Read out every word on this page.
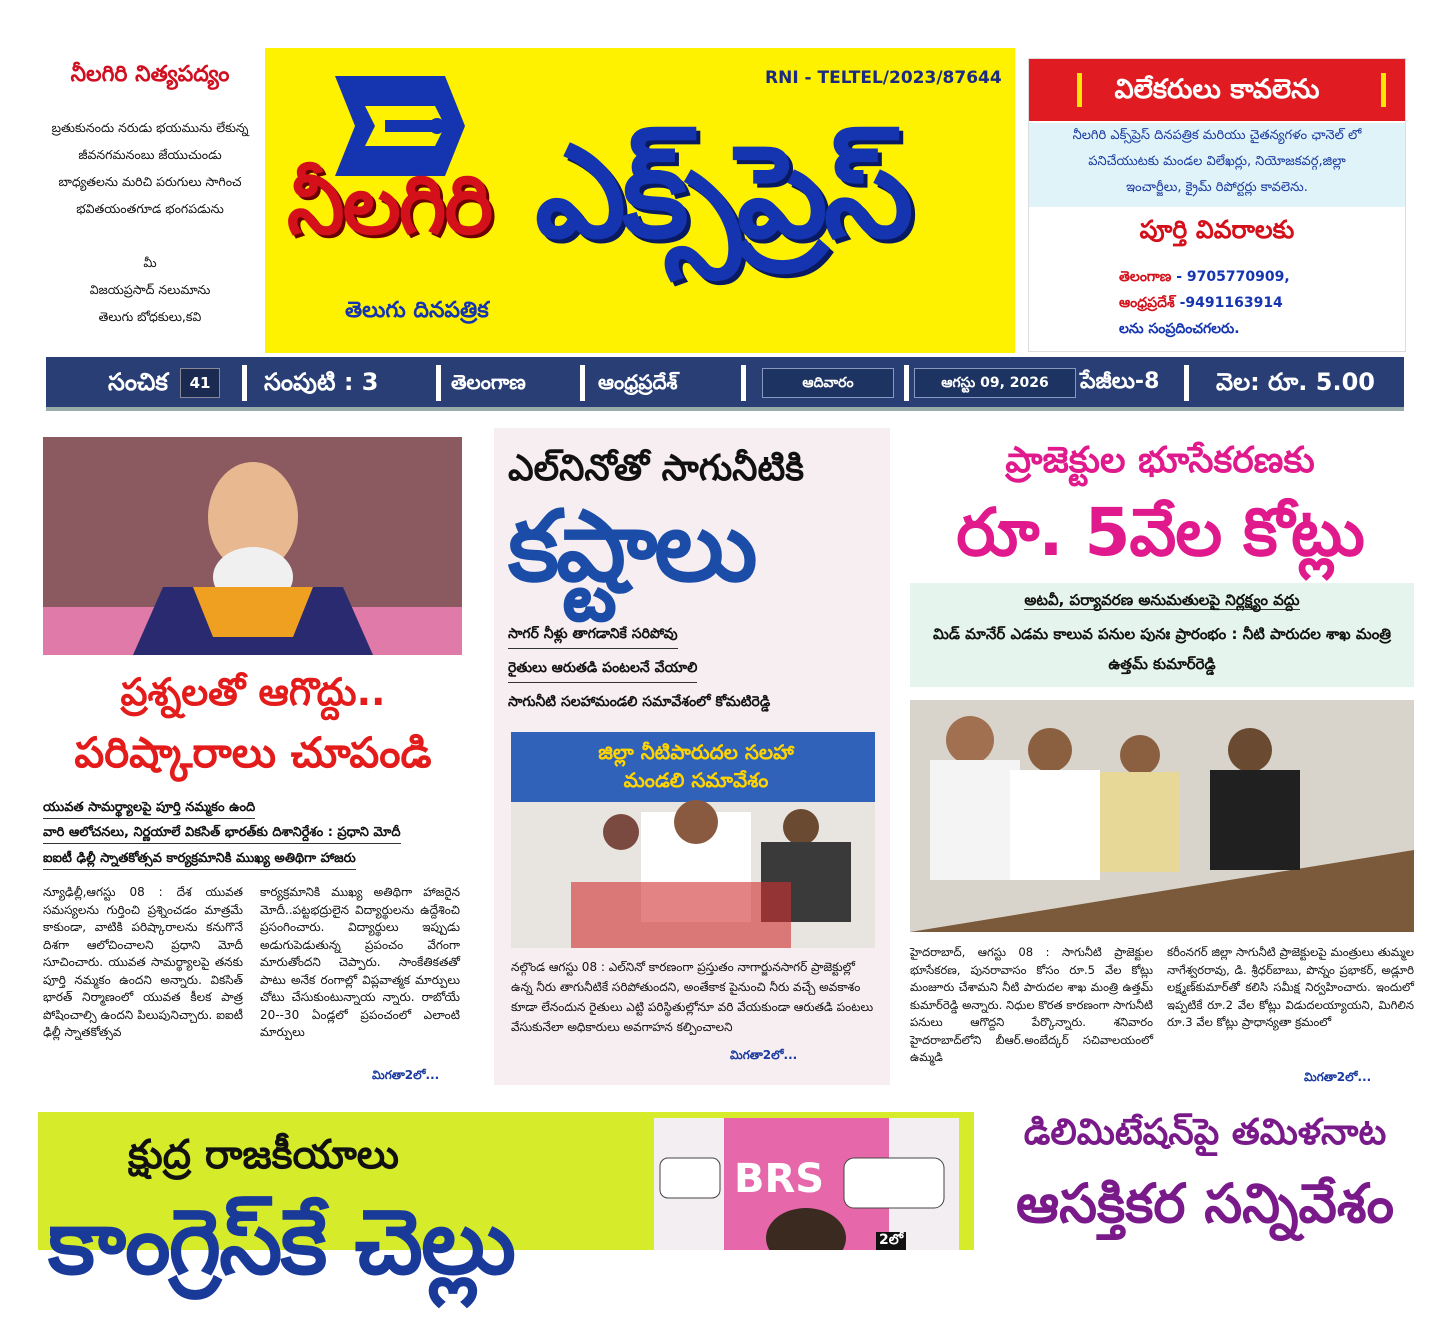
నీలగిరి నిత్యపద్యం
బ్రతుకునందు నరుడు భయమును లేకున్న
జీవనగమనంబు జేయుచుండు
బాధ్యతలను మరిచి పరుగులు సాగించ
భవితయంతగూడ భంగపడును

మీ
విజయప్రసాద్ నలుమాను
తెలుగు బోధకులు,కవి
RNI - TELTEL/2023/87644
నీలగిరి ఎక్స్‌ప్రెస్
తెలుగు దినపత్రిక
విలేకరులు కావలెను
నీలగిరి ఎక్స్‌ప్రెస్ దినపత్రిక మరియు చైతన్యగళం ఛానెల్ లో
పనిచేయుటకు మండల విలేఖర్లు, నియోజకవర్గ,జిల్లా
ఇంచార్జీలు, క్రైమ్ రిపోర్టర్లు కావలెను.
పూర్తి వివరాలకు
తెలంగాణ - 9705770909,
ఆంధ్రప్రదేశ్ -9491163914
లను సంప్రదించగలరు.
సంచిక	41	సంపుటి : 3	తెలంగాణ	ఆంధ్రప్రదేశ్	ఆదివారం	ఆగస్టు 09, 2026	పేజీలు-8 వెల: రూ. 5.00
ప్రశ్నలతో ఆగొద్దు..
పరిష్కారాలు చూపండి
యువత సామర్థ్యాలపై పూర్తి నమ్మకం ఉంది
వారి ఆలోచనలు, నిర్ణయాలే వికసిత్ భారత్‌కు దిశానిర్దేశం : ప్రధాని మోదీ
ఐఐటీ ఢిల్లీ స్నాతకోత్సవ కార్యక్రమానికి ముఖ్య అతిథిగా హాజరు
న్యూఢిల్లీ,ఆగస్టు 08 : దేశ యువత సమస్యలను గుర్తించి ప్రశ్నించడం మాత్రమే కాకుండా, వాటికి పరిష్కారాలను కనుగొనే దిశగా ఆలోచించాలని ప్రధాని మోదీ సూచించారు. యువత సామర్థ్యాలపై తనకు పూర్తి నమ్మకం ఉందని అన్నారు. వికసిత్ భారత్ నిర్మాణంలో యువత కీలక పాత్ర పోషించాల్సి ఉందని పిలుపునిచ్చారు. ఐఐటీ ఢిల్లీ స్నాతకోత్సవ
కార్యక్రమానికి ముఖ్య అతిథిగా హాజరైన మోదీ..పట్టభద్రులైన విద్యార్థులను ఉద్దేశించి ప్రసంగించారు. విద్యార్థులు ఇప్పుడు అడుగుపెడుతున్న ప్రపంచం వేగంగా మారుతోందని చెప్పారు. సాంకేతికతతో పాటు అనేక రంగాల్లో విప్లవాత్మక మార్పులు చోటు చేసుకుంటున్నాయ న్నారు. రాబోయే 20--30 ఏండ్లలో ప్రపంచంలో ఎలాంటి మార్పులు
మిగతా2లో...
ఎల్‌నినోతో సాగునీటికి
కష్టాలు
సాగర్ నీళ్లు తాగడానికే సరిపోవు
రైతులు ఆరుతడి పంటలనే వేయాలి
సాగునీటి సలహామండలి సమావేశంలో కోమటిరెడ్డి
జిల్లా నీటిపారుదల సలహా మండలి సమావేశం
నల్గొండ ఆగస్టు 08 : ఎల్‌నినో కారణంగా ప్రస్తుతం నాగార్జునసాగర్ ప్రాజెక్టుల్లో ఉన్న నీరు తాగునీటికే సరిపోతుందని, అంతేకాక పైనుంచి నీరు వచ్చే అవకాశం కూడా లేనందున రైతులు ఎట్టి పరిస్థితుల్లోనూ వరి వేయకుండా ఆరుతడి పంటలు వేసుకునేలా అధికారులు అవగాహన కల్పించాలని
మిగతా2లో...
ప్రాజెక్టుల భూసేకరణకు
రూ. 5వేల కోట్లు
అటవీ, పర్యావరణ అనుమతులపై నిర్లక్ష్యం వద్దు
మిడ్ మానేర్ ఎడమ కాలువ పనుల పునః ప్రారంభం : నీటి పారుదల శాఖ మంత్రి ఉత్తమ్ కుమార్‌రెడ్డి
హైదరాబాద్, ఆగస్టు 08 : సాగునీటి ప్రాజెక్టుల భూసేకరణ, పునరావాసం కోసం రూ.5 వేల కోట్లు మంజూరు చేశామని నీటి పారుదల శాఖ మంత్రి ఉత్తమ్ కుమార్‌రెడ్డి అన్నారు. నిధుల కొరత కారణంగా సాగునీటి పనులు ఆగొద్దని పేర్కొన్నారు. శనివారం హైదరాబాద్‌లోని బీఆర్.అంబేద్కర్ సచివాలయంలో ఉమ్మడి
కరీంనగర్ జిల్లా సాగునీటి ప్రాజెక్టులపై మంత్రులు తుమ్మల నాగేశ్వరరావు, డి. శ్రీధర్‌బాబు, పొన్నం ప్రభాకర్, అడ్లూరి లక్ష్మణ్‌కుమార్‌తో కలిసి సమీక్ష నిర్వహించారు. ఇందులో ఇప్పటికే రూ.2 వేల కోట్లు విడుదలయ్యాయని, మిగిలిన రూ.3 వేల కోట్లు ప్రాధాన్యతా క్రమంలో
మిగతా2లో...
క్షుద్ర రాజకీయాలు
కాంగ్రెస్‌కే చెల్లు
BRS
2లో
డిలిమిటేషన్‌పై తమిళనాట
ఆసక్తికర సన్నివేశం
